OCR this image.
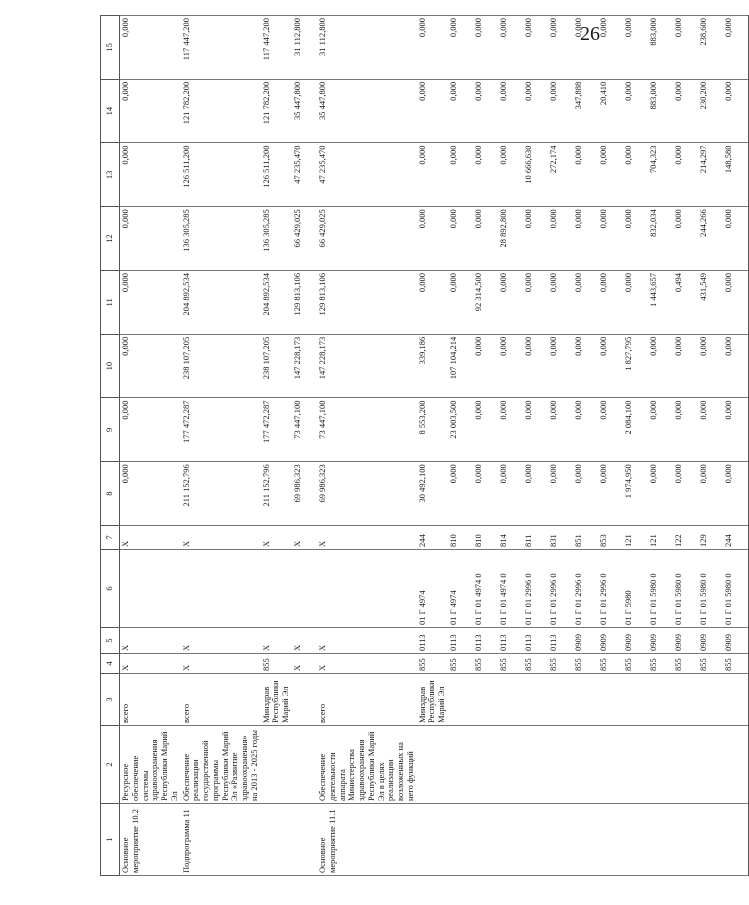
26
1	2	3	4	5	6	7	8	9	10	11	12	13	14	15
Основное мероприятие 10.2	Ресурсное обеспечение системы здравоохранения Республики Марий Эл	всего	X	X		X	0,000	0,000	0,000	0,000	0,000	0,000	0,000	0,000
Подпрограмма 11	Обеспечение реализации государственной программы Республики Марий Эл «Развитие здравоохранения» на 2013 - 2025 годы	всего	X	X		X	211 152,796	177 472,287	238 107,205	204 892,534	136 305,285	126 511,200	121 782,200	117 447,200
		Минздрав Республики Марий Эл	855	X		X	211 152,796	177 472,287	238 107,205	204 892,534	136 305,285	126 511,200	121 782,200	117 447,200
			X	X		X	69 986,323	73 447,100	147 228,173	129 813,106	66 429,025	47 235,470	35 447,800	31 112,800
Основное мероприятие 11.1	Обеспечение деятельности аппарата Министерства здравоохранения Республики Марий Эл в целях реализации возложенных на него функций	всего	X	X		X	69 986,323	73 447,100	147 228,173	129 813,106	66 429,025	47 235,470	35 447,800	31 112,800
		Минздрав Республики Марий Эл	855	0113	01 Г 4974	244	30 492,100	8 553,200	339,186	0,000	0,000	0,000	0,000	0,000
			855	0113	01 Г 4974	810	0,000	23 003,500	107 104,214	0,000	0,000	0,000	0,000	0,000
			855	0113	01 Г 01 4974 0	810	0,000	0,000	0,000	92 314,500	0,000	0,000	0,000	0,000
			855	0113	01 Г 01 4974 0	814	0,000	0,000	0,000	0,000	28 892,800	0,000	0,000	0,000
			855	0113	01 Г 01 2996 0	811	0,000	0,000	0,000	0,000	0,000	10 666,630	0,000	0,000
			855	0113	01 Г 01 2996 0	831	0,000	0,000	0,000	0,000	0,000	272,174	0,000	0,000
			855	0909	01 Г 01 2996 0	851	0,000	0,000	0,000	0,000	0,000	0,000	347,888	0,000
			855	0909	01 Г 01 2996 0	853	0,000	0,000	0,000	0,000	0,000	0,000	20,410	0,000
			855	0909	01 Г 5980	121	1 974,950	2 084,100	1 827,795	0,000	0,000	0,000	0,000	0,000
			855	0909	01 Г 01 5980 0	121	0,000	0,000	0,000	1 443,657	832,034	704,323	883,000	883,000
			855	0909	01 Г 01 5980 0	122	0,000	0,000	0,000	0,494	0,000	0,000	0,000	0,000
			855	0909	01 Г 01 5980 0	129	0,000	0,000	0,000	431,549	244,266	214,297	230,200	238,600
			855	0909	01 Г 01 5980 0	244	0,000	0,000	0,000	0,000	0,000	148,580	0,000	0,000
